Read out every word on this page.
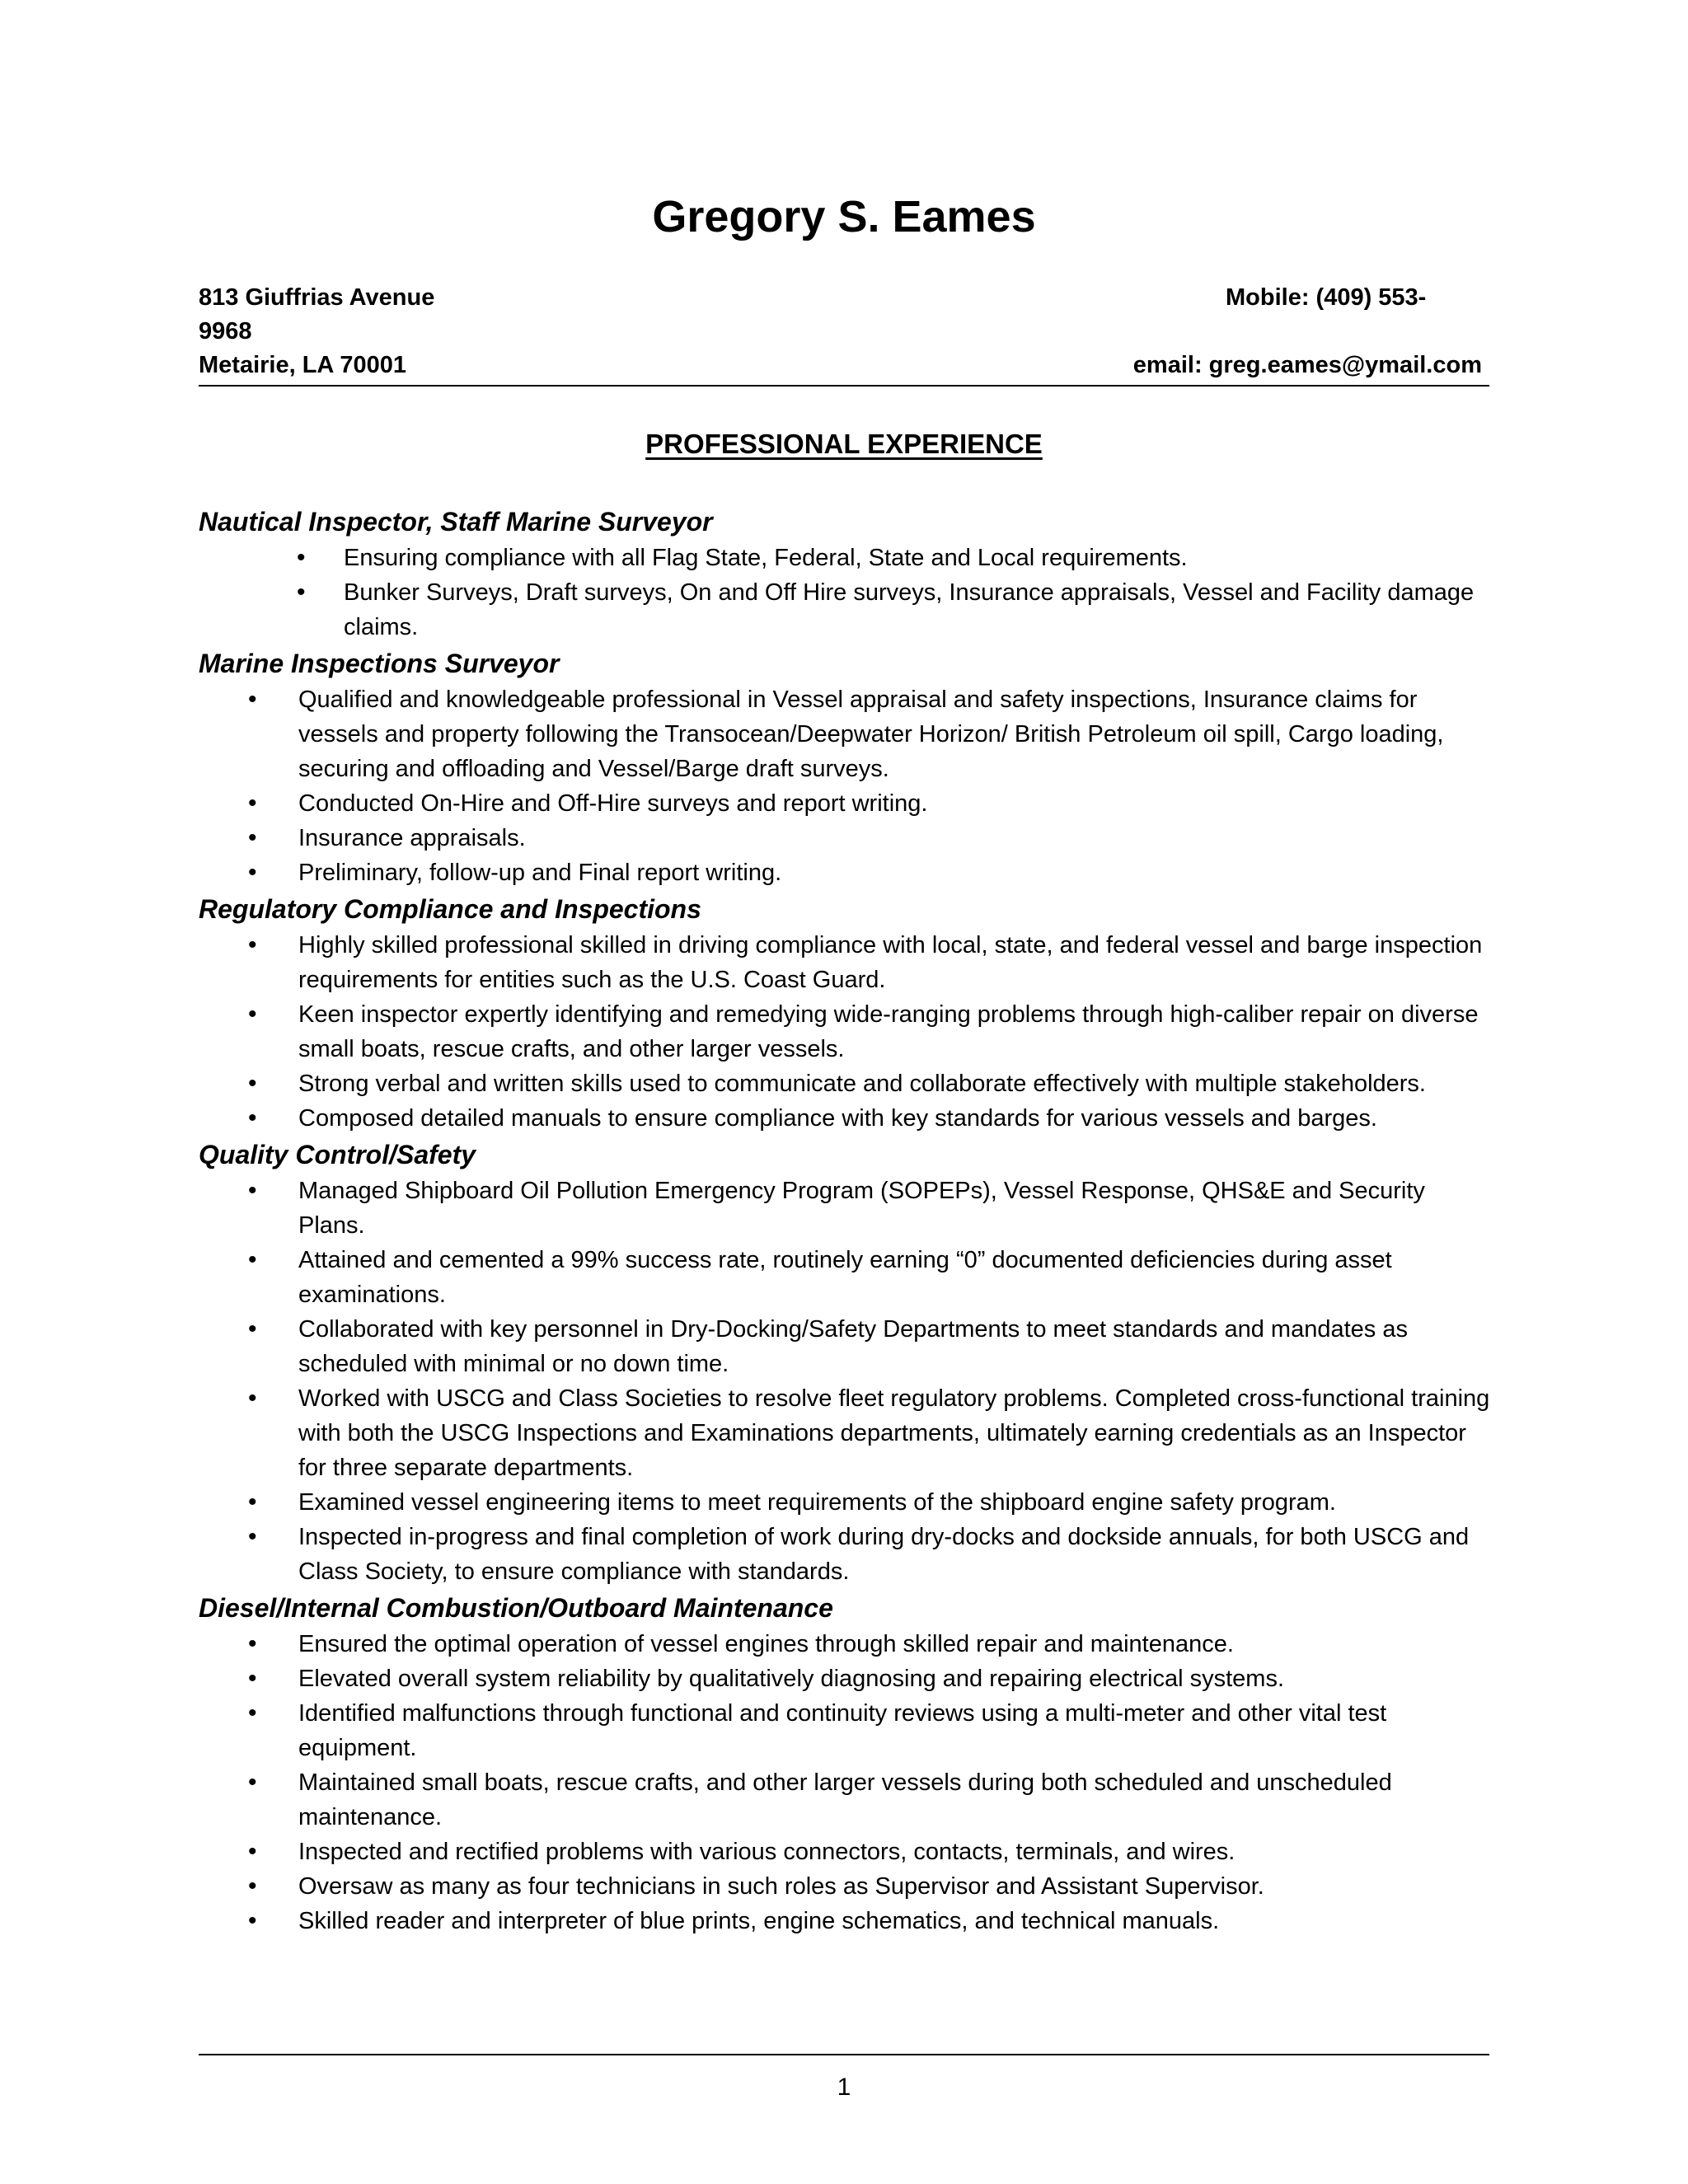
Gregory S. Eames
813 Giuffrias Avenue	Mobile: (409) 553-
9968
Metairie, LA 70001	email: greg.eames@ymail.com
PROFESSIONAL EXPERIENCE

Nautical Inspector, Staff Marine Surveyor

• Ensuring compliance with all Flag State, Federal, State and Local requirements.
• Bunker Surveys, Draft surveys, On and Off Hire surveys, Insurance appraisals, Vessel and Facility damage claims.

Marine Inspections Surveyor

• Qualified and knowledgeable professional in Vessel appraisal and safety inspections, Insurance claims for vessels and property following the Transocean/Deepwater Horizon/ British Petroleum oil spill, Cargo loading, securing and offloading and Vessel/Barge draft surveys.
• Conducted On-Hire and Off-Hire surveys and report writing.
• Insurance appraisals.
• Preliminary, follow-up and Final report writing.

Regulatory Compliance and Inspections

• Highly skilled professional skilled in driving compliance with local, state, and federal vessel and barge inspection requirements for entities such as the U.S. Coast Guard.
• Keen inspector expertly identifying and remedying wide-ranging problems through high-caliber repair on diverse small boats, rescue crafts, and other larger vessels.
• Strong verbal and written skills used to communicate and collaborate effectively with multiple stakeholders.
• Composed detailed manuals to ensure compliance with key standards for various vessels and barges.

Quality Control/Safety

• Managed Shipboard Oil Pollution Emergency Program (SOPEPs), Vessel Response, QHS&E and Security Plans.
• Attained and cemented a 99% success rate, routinely earning “0” documented deficiencies during asset examinations.
• Collaborated with key personnel in Dry-Docking/Safety Departments to meet standards and mandates as scheduled with minimal or no down time.
• Worked with USCG and Class Societies to resolve fleet regulatory problems. Completed cross-functional training with both the USCG Inspections and Examinations departments, ultimately earning credentials as an Inspector for three separate departments.
• Examined vessel engineering items to meet requirements of the shipboard engine safety program.
• Inspected in-progress and final completion of work during dry-docks and dockside annuals, for both USCG and Class Society, to ensure compliance with standards.

Diesel/Internal Combustion/Outboard Maintenance

• Ensured the optimal operation of vessel engines through skilled repair and maintenance.
• Elevated overall system reliability by qualitatively diagnosing and repairing electrical systems.
• Identified malfunctions through functional and continuity reviews using a multi-meter and other vital test equipment.
• Maintained small boats, rescue crafts, and other larger vessels during both scheduled and unscheduled maintenance.
• Inspected and rectified problems with various connectors, contacts, terminals, and wires.
• Oversaw as many as four technicians in such roles as Supervisor and Assistant Supervisor.
• Skilled reader and interpreter of blue prints, engine schematics, and technical manuals.
1
